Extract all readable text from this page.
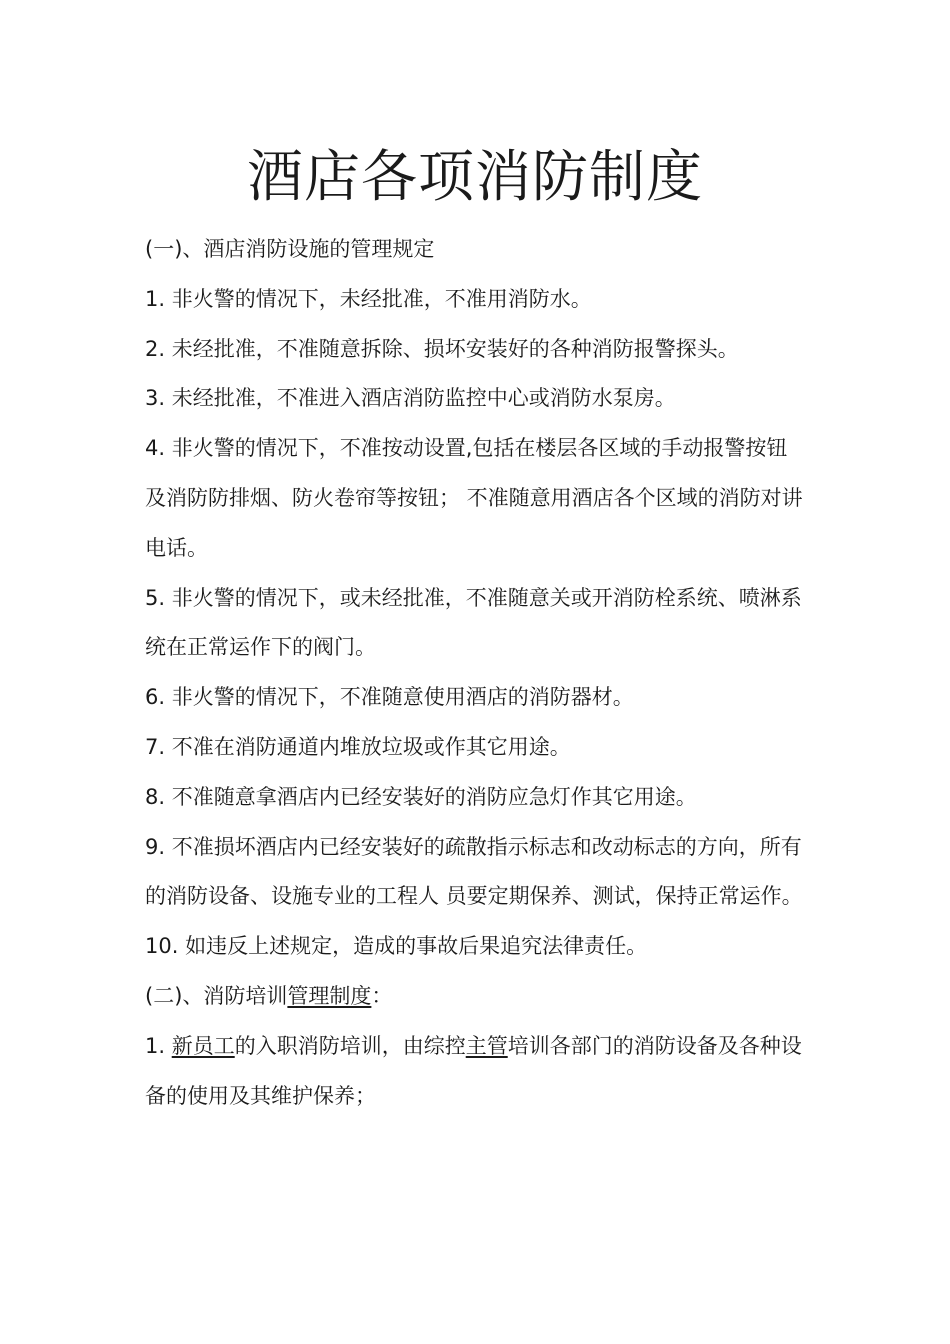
酒店各项消防制度

(一)、酒店消防设施的管理规定

1. 非火警的情况下，未经批准，不准用消防水。

2. 未经批准，不准随意拆除、损坏安装好的各种消防报警探头。

3. 未经批准，不准进入酒店消防监控中心或消防水泵房。

4. 非火警的情况下，不准按动设置,包括在楼层各区域的手动报警按钮及消防防排烟、防火卷帘等按钮； 不准随意用酒店各个区域的消防对讲电话。

5. 非火警的情况下，或未经批准，不准随意关或开消防栓系统、喷淋系统在正常运作下的阀门。

6. 非火警的情况下，不准随意使用酒店的消防器材。

7. 不准在消防通道内堆放垃圾或作其它用途。

8. 不准随意拿酒店内已经安装好的消防应急灯作其它用途。

9. 不准损坏酒店内已经安装好的疏散指示标志和改动标志的方向，所有的消防设备、设施专业的工程人 员要定期保养、测试，保持正常运作。

10. 如违反上述规定，造成的事故后果追究法律责任。

(二)、消防培训管理制度：

1. 新员工的入职消防培训，由综控主管培训各部门的消防设备及各种设备的使用及其维护保养；
